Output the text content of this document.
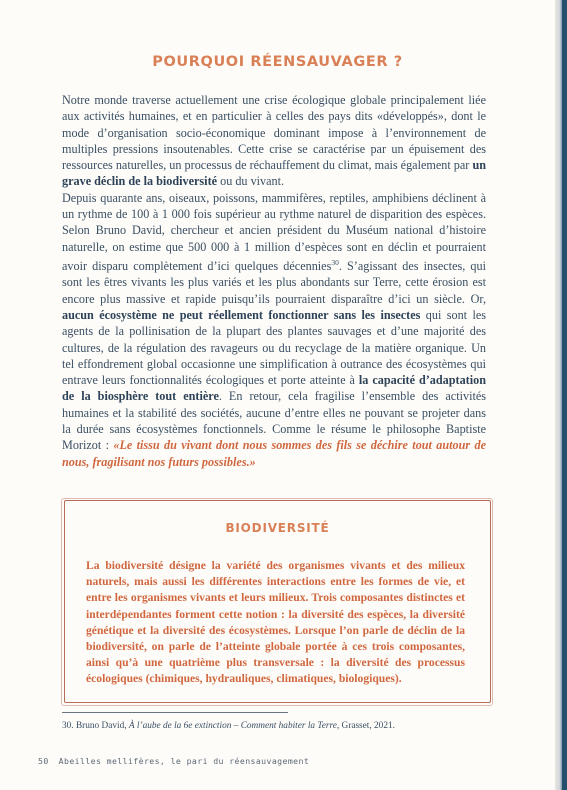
POURQUOI RÉENSAUVAGER ?

Notre monde traverse actuellement une crise écologique globale principalement liée aux activités humaines, et en particulier à celles des pays dits «développés», dont le mode d’organisation socio-économique dominant impose à l’environnement de multiples pressions insoutenables. Cette crise se caractérise par un épuisement des ressources naturelles, un processus de réchauffement du climat, mais également par un grave déclin de la biodiversité ou du vivant.

Depuis quarante ans, oiseaux, poissons, mammifères, reptiles, amphibiens déclinent à un rythme de 100 à 1 000 fois supérieur au rythme naturel de disparition des espèces. Selon Bruno David, chercheur et ancien président du Muséum national d’histoire naturelle, on estime que 500 000 à 1 million d’espèces sont en déclin et pourraient avoir disparu complètement d’ici quelques décennies$^{30}$. S’agissant des insectes, qui sont les êtres vivants les plus variés et les plus abondants sur Terre, cette érosion est encore plus massive et rapide puisqu’ils pourraient disparaître d’ici un siècle. Or, aucun écosystème ne peut réellement fonctionner sans les insectes qui sont les agents de la pollinisation de la plupart des plantes sauvages et d’une majorité des cultures, de la régulation des ravageurs ou du recyclage de la matière organique. Un tel effondrement global occasionne une simplification à outrance des écosystèmes qui entrave leurs fonctionnalités écologiques et porte atteinte à la capacité d’adaptation de la biosphère tout entière. En retour, cela fragilise l’ensemble des activités humaines et la stabilité des sociétés, aucune d’entre elles ne pouvant se projeter dans la durée sans écosystèmes fonctionnels. Comme le résume le philosophe Baptiste Morizot : «Le tissu du vivant dont nous sommes des fils se déchire tout autour de nous, fragilisant nos futurs possibles.»

BIODIVERSITÉ

La biodiversité désigne la variété des organismes vivants et des milieux naturels, mais aussi les différentes interactions entre les formes de vie, et entre les organismes vivants et leurs milieux. Trois composantes distinctes et interdépendantes forment cette notion : la diversité des espèces, la diversité génétique et la diversité des écosystèmes. Lorsque l’on parle de déclin de la biodiversité, on parle de l’atteinte globale portée à ces trois composantes, ainsi qu’à une quatrième plus transversale : la diversité des processus écologiques (chimiques, hydrauliques, climatiques, biologiques).

30. Bruno David, À l’aube de la 6e extinction – Comment habiter la Terre, Grasset, 2021.
50 Abeilles mellifères, le pari du réensauvagement
